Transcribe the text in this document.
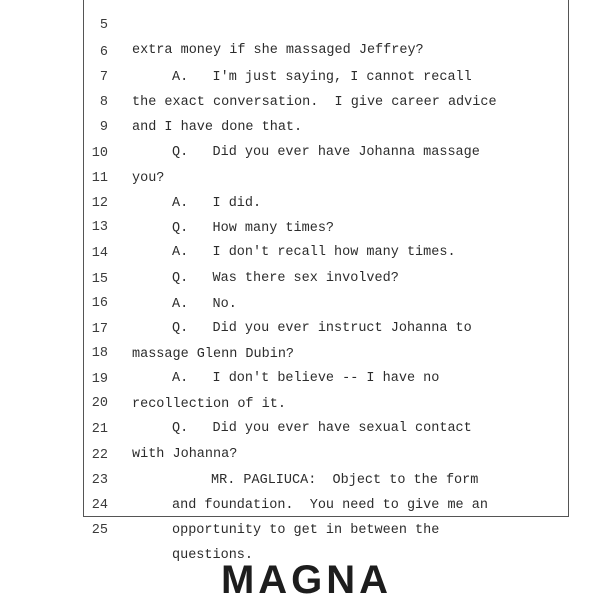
5

extra money if she massaged Jeffrey?

6

A.   I'm just saying, I cannot recall

7

the exact conversation.  I give career advice

8

and I have done that.

9

Q.   Did you ever have Johanna massage

10

you?

11

A.   I did.

12

Q.   How many times?

13

A.   I don't recall how many times.

14

Q.   Was there sex involved?

15

A.   No.

16

Q.   Did you ever instruct Johanna to

17

massage Glenn Dubin?

18

A.   I don't believe -- I have no

19

recollection of it.

20

Q.   Did you ever have sexual contact

21

with Johanna?

22

MR. PAGLIUCA:  Object to the form

23

and foundation.  You need to give me an

24

opportunity to get in between the

25

questions.

MAGNA
